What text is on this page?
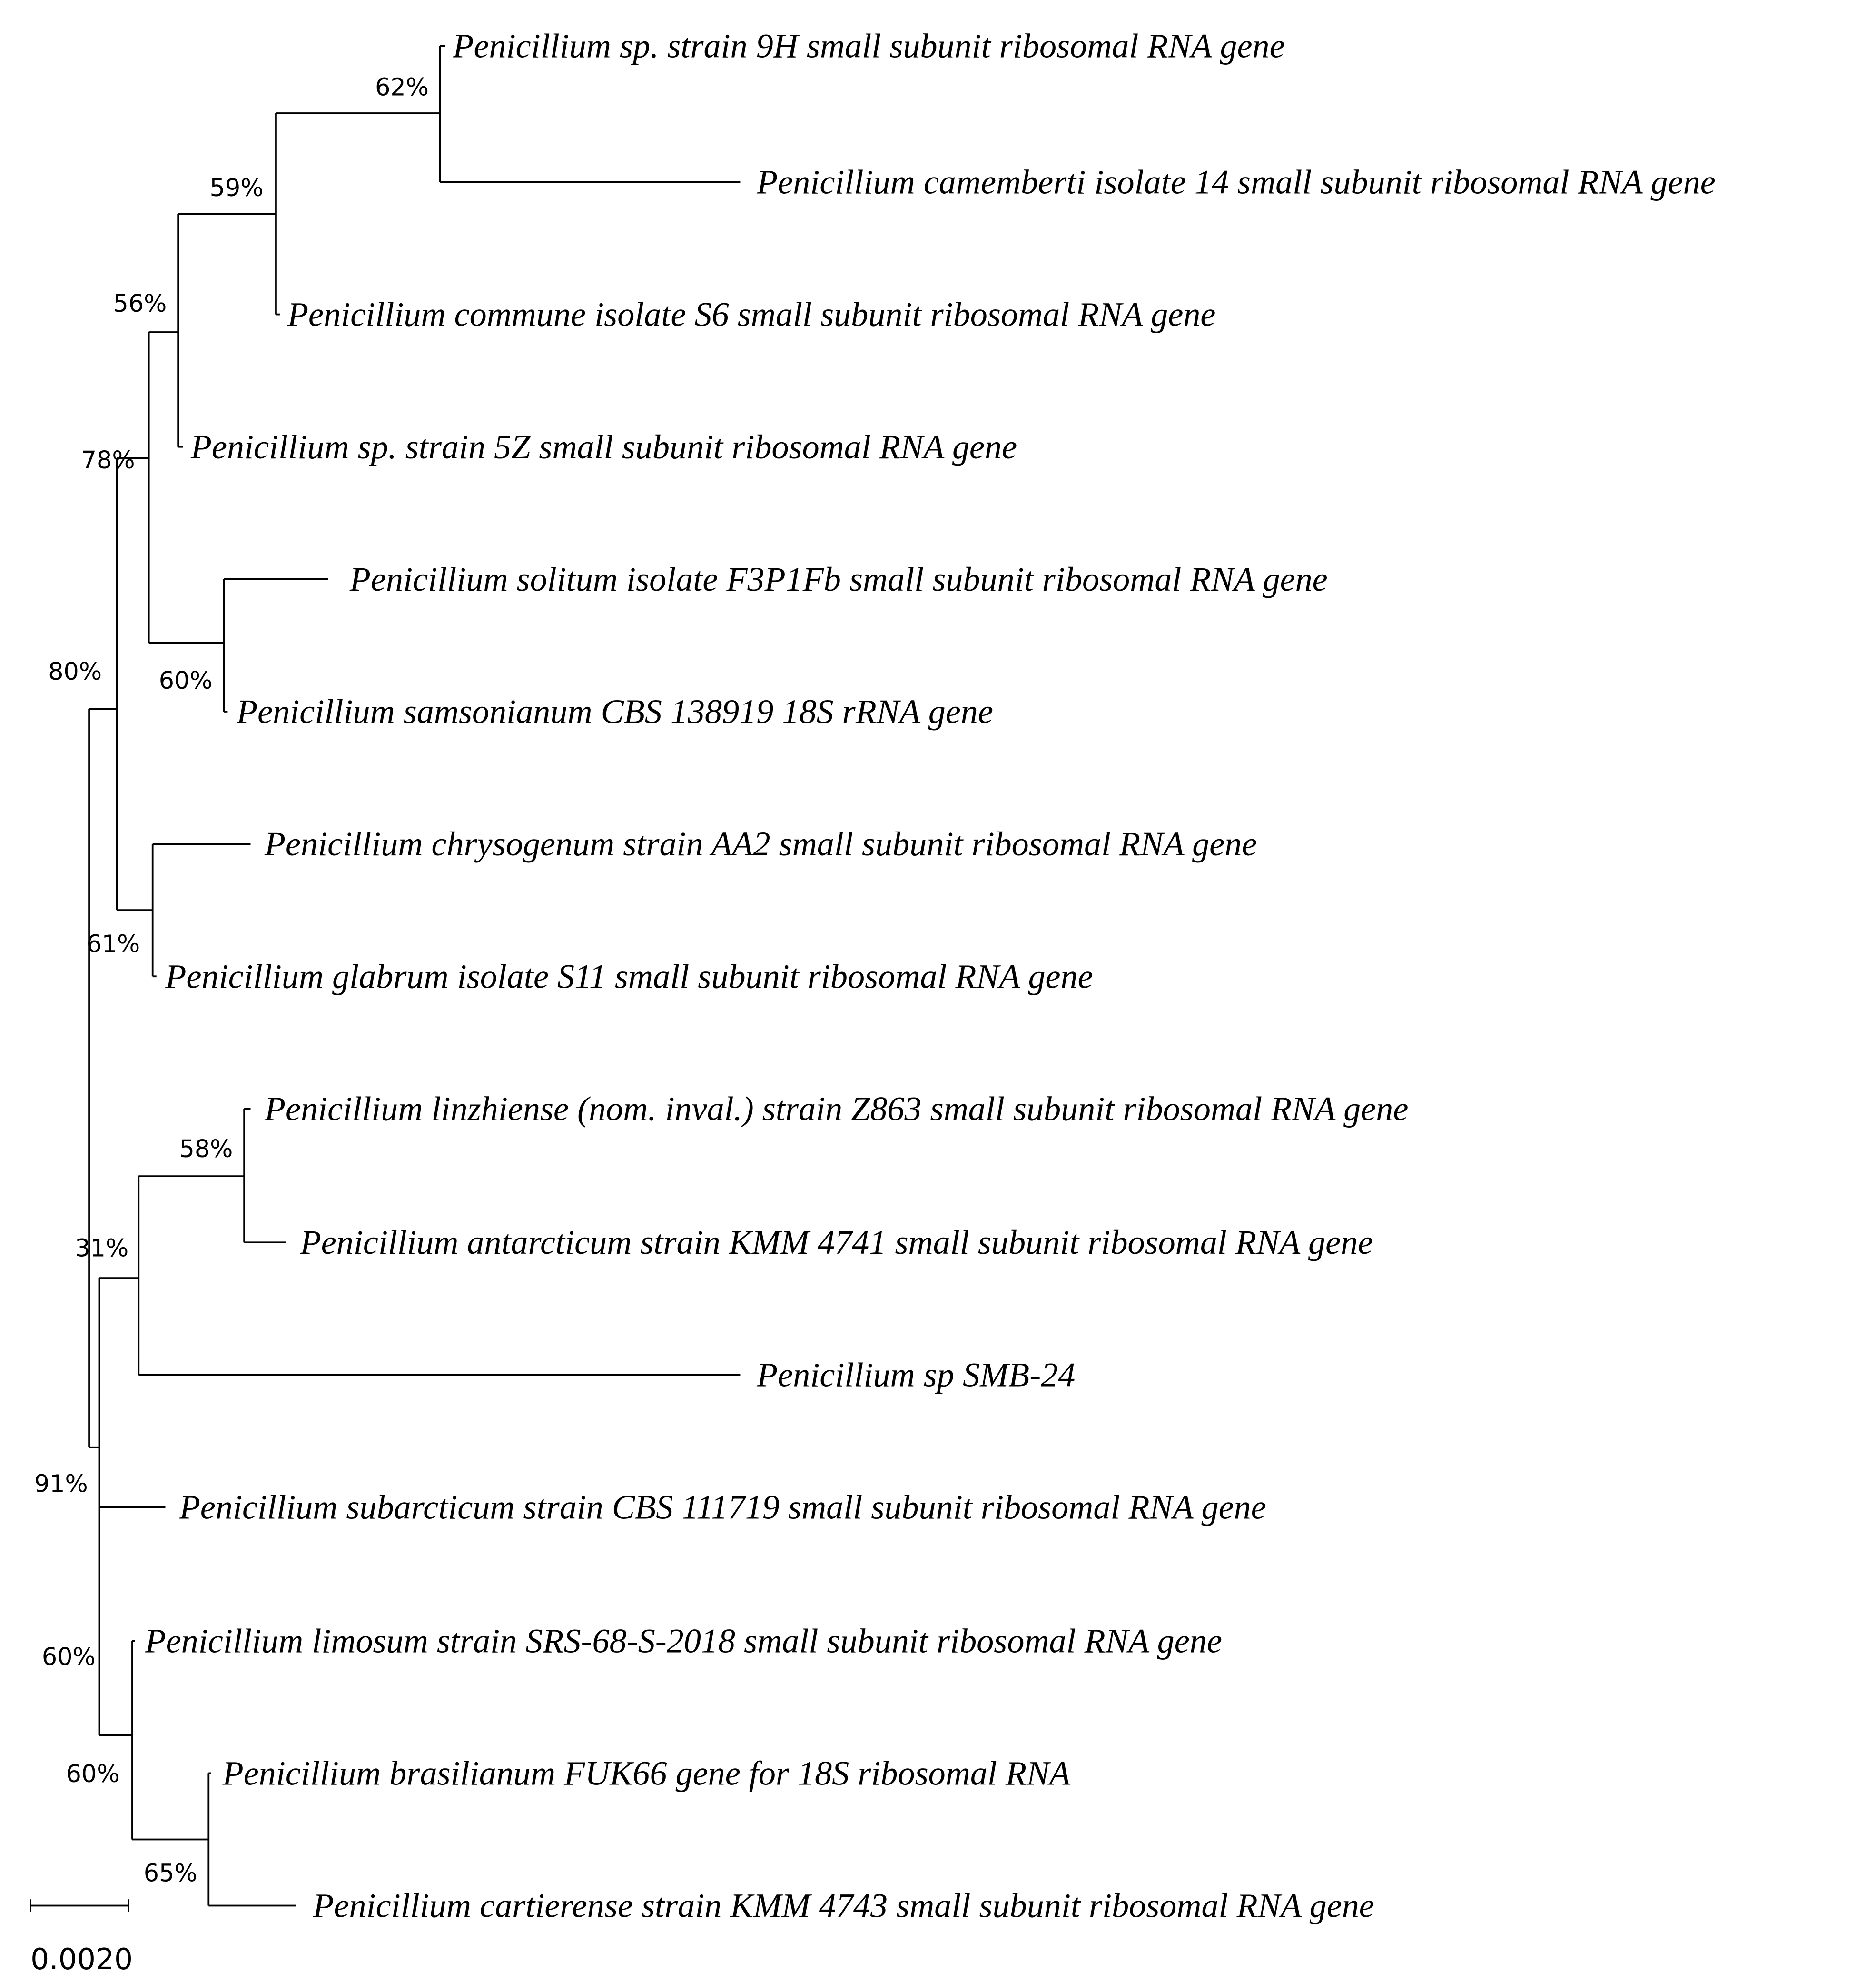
80%
78%
56%
59%
62%
60%
61%
91%
31%
58%
60%
60%
65%
Penicillium sp. strain 9H small subunit ribosomal RNA gene
Penicillium camemberti isolate 14 small subunit ribosomal RNA gene
Penicillium commune isolate S6 small subunit ribosomal RNA gene
Penicillium sp. strain 5Z small subunit ribosomal RNA gene
Penicillium solitum isolate F3P1Fb small subunit ribosomal RNA gene
Penicillium samsonianum CBS 138919 18S rRNA gene
Penicillium chrysogenum strain AA2 small subunit ribosomal RNA gene
Penicillium glabrum isolate S11 small subunit ribosomal RNA gene
Penicillium linzhiense (nom. inval.) strain Z863 small subunit ribosomal RNA gene
Penicillium antarcticum strain KMM 4741 small subunit ribosomal RNA gene
Penicillium sp SMB-24
Penicillium subarcticum strain CBS 111719 small subunit ribosomal RNA gene
Penicillium limosum strain SRS-68-S-2018 small subunit ribosomal RNA gene
Penicillium brasilianum FUK66 gene for 18S ribosomal RNA
Penicillium cartierense strain KMM 4743 small subunit ribosomal RNA gene
0.0020
